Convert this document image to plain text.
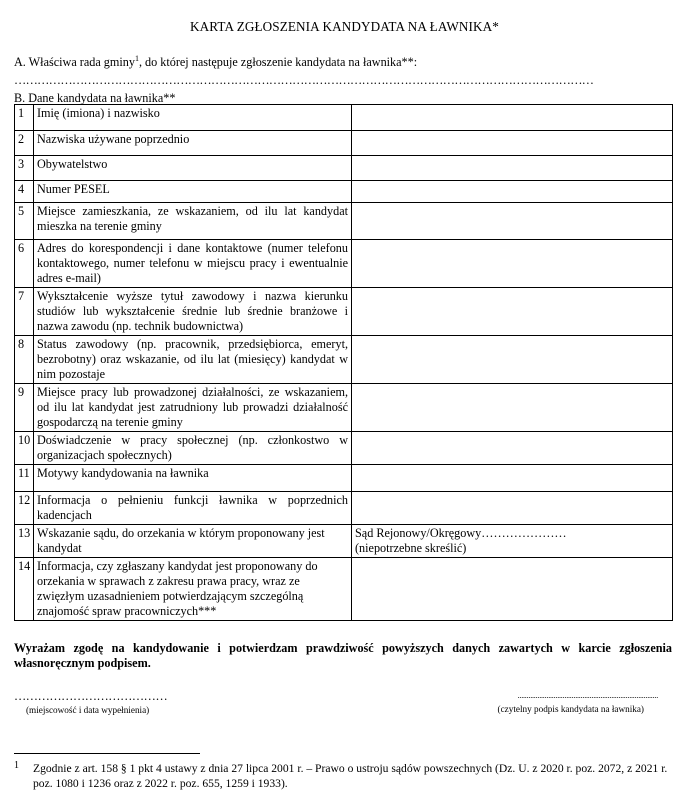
KARTA ZGŁOSZENIA KANDYDATA NA ŁAWNIKA*
A. Właściwa rada gminy$^1$, do której następuje zgłoszenie kandydata na ławnika**:
……………………………………………………………………………………………………………………………………
B. Dane kandydata na ławnika**
1	Imię (imiona) i nazwisko	
2	Nazwiska używane poprzednio	
3	Obywatelstwo	
4	Numer PESEL	
5	Miejsce zamieszkania, ze wskazaniem, od ilu lat kandydat mieszka na terenie gminy	
6	Adres do korespondencji i dane kontaktowe (numer telefonu kontaktowego, numer telefonu w miejscu pracy i ewentualnie adres e-mail)	
7	Wykształcenie wyższe tytuł zawodowy i nazwa kierunku studiów lub wykształcenie średnie lub średnie branżowe i nazwa zawodu (np. technik budownictwa)	
8	Status zawodowy (np. pracownik, przedsiębiorca, emeryt, bezrobotny) oraz wskazanie, od ilu lat (miesięcy) kandydat w nim pozostaje	
9	Miejsce pracy lub prowadzonej działalności, ze wskazaniem, od ilu lat kandydat jest zatrudniony lub prowadzi działalność gospodarczą na terenie gminy	
10	Doświadczenie w pracy społecznej (np. członkostwo w organizacjach społecznych)	
11	Motywy kandydowania na ławnika	
12	Informacja o pełnieniu funkcji ławnika w poprzednich kadencjach	
13	Wskazanie sądu, do orzekania w którym proponowany jest kandydat	Sąd Rejonowy/Okręgowy…………………
(niepotrzebne skreślić)
14	Informacja, czy zgłaszany kandydat jest proponowany do orzekania w sprawach z zakresu prawa pracy, wraz ze zwięzłym uzasadnieniem potwierdzającym szczególną znajomość spraw pracowniczych***	
Wyrażam zgodę na kandydowanie i potwierdzam prawdziwość powyższych danych zawartych w karcie zgłoszenia własnoręcznym podpisem.
…………………………………
(miejscowość i data wypełnienia)
..............................................................................
(czytelny podpis kandydata na ławnika)
1	Zgodnie z art. 158 § 1 pkt 4 ustawy z dnia 27 lipca 2001 r. – Prawo o ustroju sądów powszechnych (Dz. U. z 2020 r. poz. 2072, z 2021 r. poz. 1080 i 1236 oraz z 2022 r. poz. 655, 1259 i 1933).
